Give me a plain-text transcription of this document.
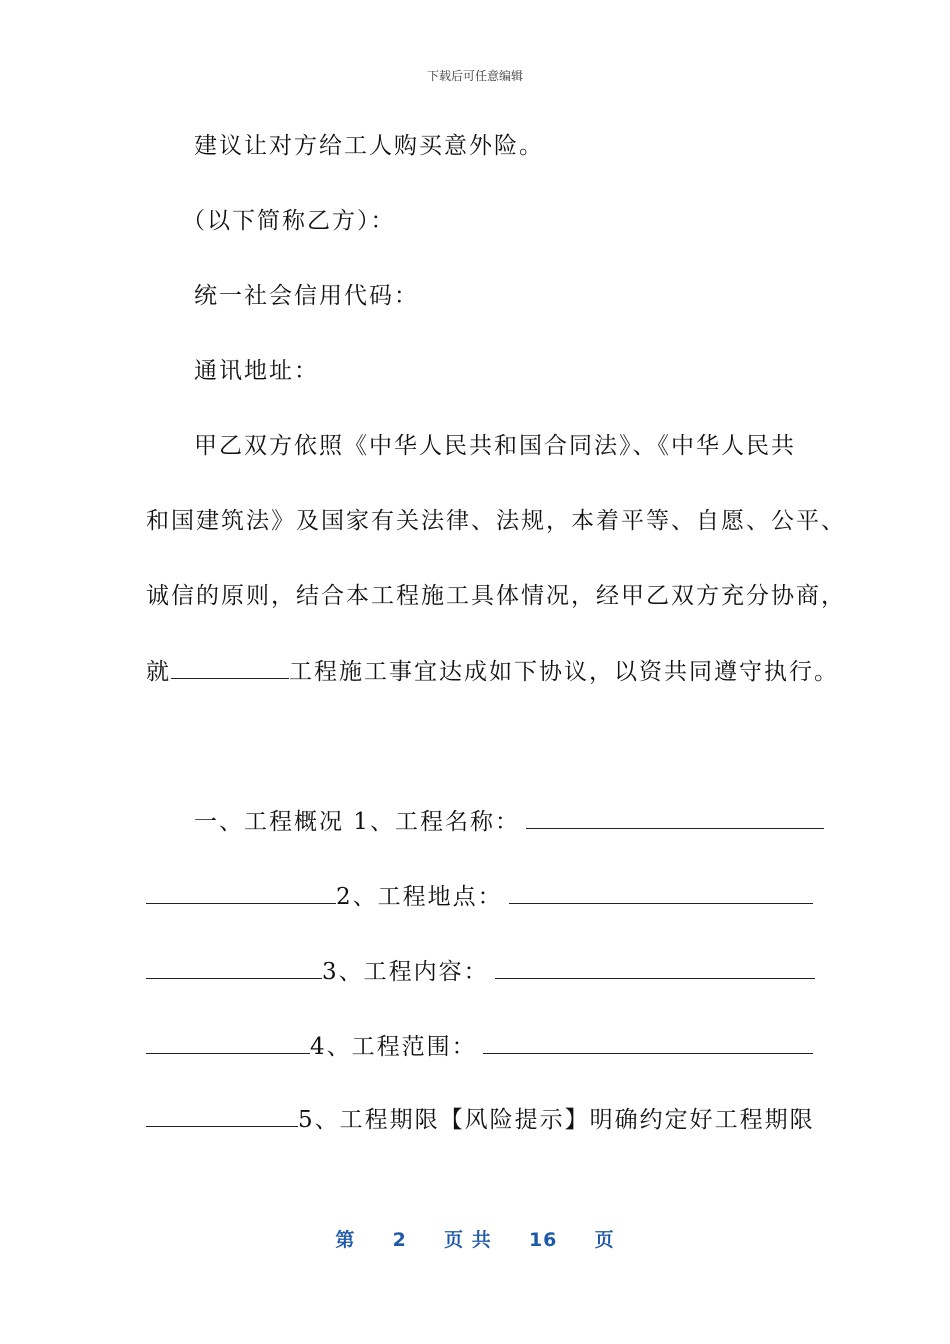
下载后可任意编辑
建议让对方给工人购买意外险。
（以下简称乙方）：
统一社会信用代码：
通讯地址：
甲乙双方依照《中华人民共和国合同法》、《中华人民共
和国建筑法》及国家有关法律、法规，本着平等、自愿、公平、
诚信的原则，结合本工程施工具体情况，经甲乙双方充分协商，
就	工程施工事宜达成如下协议，以资共同遵守执行。
一、工程概况 1、工程名称：
2、工程地点：
3、工程内容：
4、工程范围：
5、工程期限【风险提示】明确约定好工程期限
第 2 页 共 16 页
